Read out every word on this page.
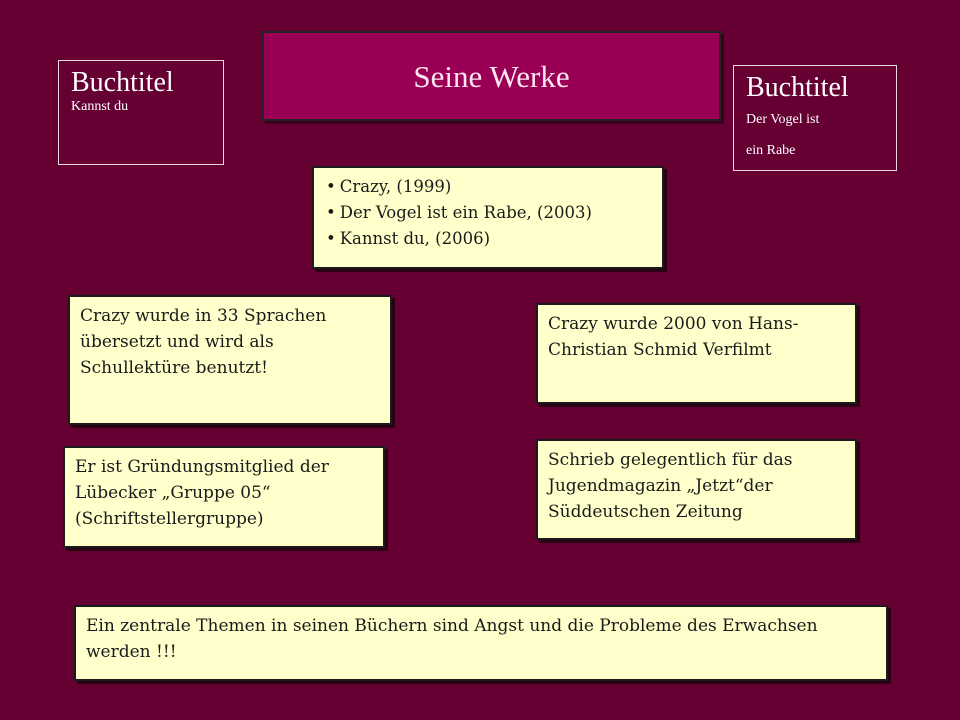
Seine Werke
Buchtitel
Kannst du
Buchtitel
Der Vogel ist
ein Rabe
• Crazy, (1999)
• Der Vogel ist ein Rabe, (2003)
• Kannst du, (2006)
Crazy wurde in 33 Sprachen übersetzt und wird als Schullektüre benutzt!
Crazy wurde 2000 von Hans-Christian Schmid Verfilmt
Er ist Gründungsmitglied der Lübecker „Gruppe 05“ (Schriftstellergruppe)
Schrieb gelegentlich für das Jugendmagazin „Jetzt“der Süddeutschen Zeitung
Ein zentrale Themen in seinen Büchern sind Angst und die Probleme des Erwachsen werden !!!
